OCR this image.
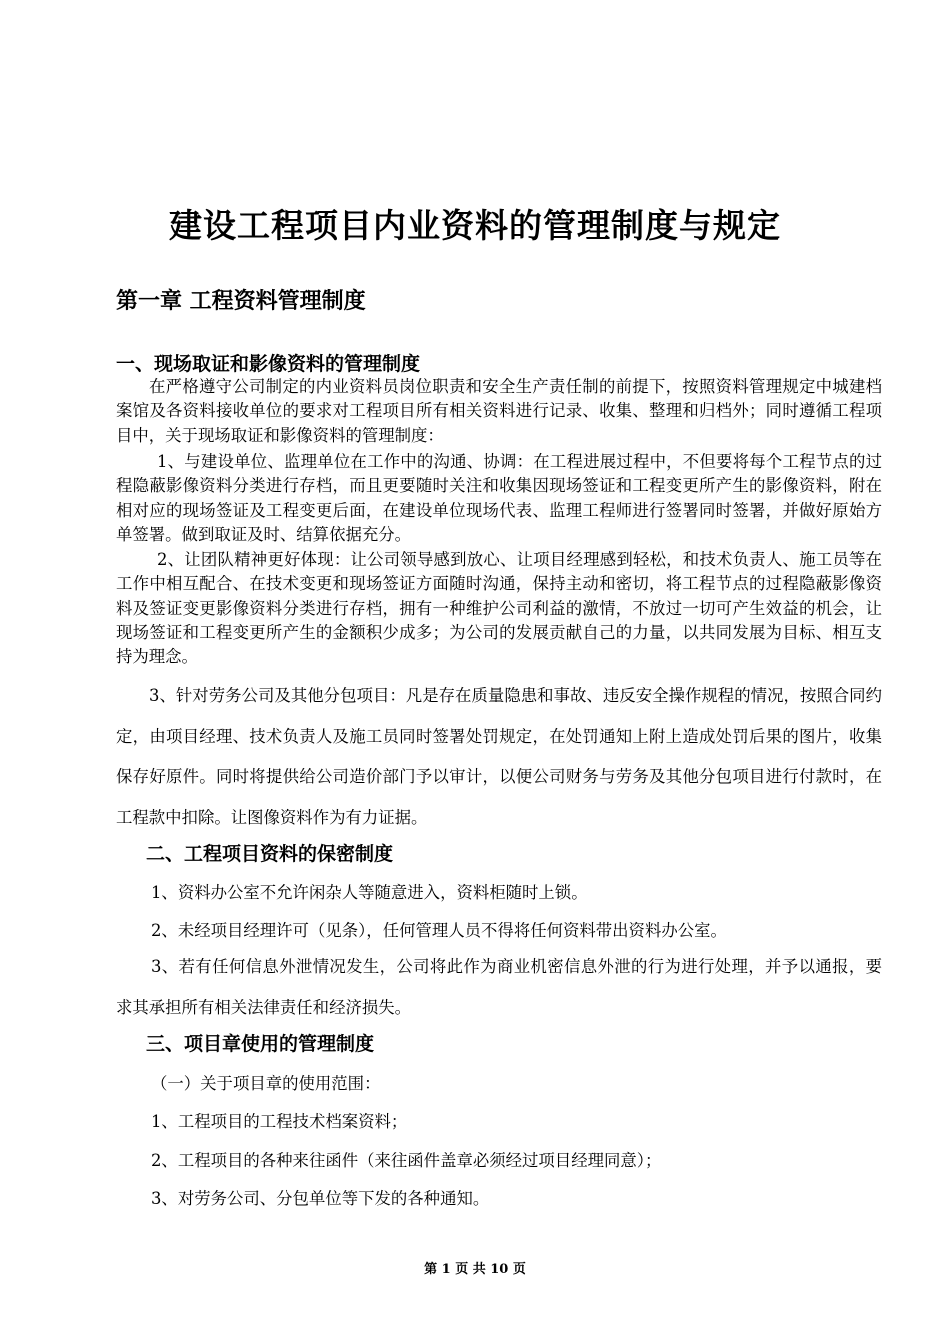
建设工程项目内业资料的管理制度与规定
第一章 工程资料管理制度
一、现场取证和影像资料的管理制度

在严格遵守公司制定的内业资料员岗位职责和安全生产责任制的前提下，按照资料管理规定中城建档案馆及各资料接收单位的要求对工程项目所有相关资料进行记录、收集、整理和归档外；同时遵循工程项目中，关于现场取证和影像资料的管理制度：

1、与建设单位、监理单位在工作中的沟通、协调：在工程进展过程中，不但要将每个工程节点的过程隐蔽影像资料分类进行存档，而且更要随时关注和收集因现场签证和工程变更所产生的影像资料，附在相对应的现场签证及工程变更后面，在建设单位现场代表、监理工程师进行签署同时签署，并做好原始方单签署。做到取证及时、结算依据充分。

2、让团队精神更好体现：让公司领导感到放心、让项目经理感到轻松，和技术负责人、施工员等在工作中相互配合、在技术变更和现场签证方面随时沟通，保持主动和密切，将工程节点的过程隐蔽影像资料及签证变更影像资料分类进行存档，拥有一种维护公司利益的激情，不放过一切可产生效益的机会，让现场签证和工程变更所产生的金额积少成多；为公司的发展贡献自己的力量，以共同发展为目标、相互支持为理念。

3、针对劳务公司及其他分包项目：凡是存在质量隐患和事故、违反安全操作规程的情况，按照合同约定，由项目经理、技术负责人及施工员同时签署处罚规定，在处罚通知上附上造成处罚后果的图片，收集保存好原件。同时将提供给公司造价部门予以审计，以便公司财务与劳务及其他分包项目进行付款时，在工程款中扣除。让图像资料作为有力证据。

二、工程项目资料的保密制度

1、资料办公室不允许闲杂人等随意进入，资料柜随时上锁。

2、未经项目经理许可（见条），任何管理人员不得将任何资料带出资料办公室。

3、若有任何信息外泄情况发生，公司将此作为商业机密信息外泄的行为进行处理，并予以通报，要求其承担所有相关法律责任和经济损失。

三、项目章使用的管理制度

（一）关于项目章的使用范围：

1、工程项目的工程技术档案资料；

2、工程项目的各种来往函件（来往函件盖章必须经过项目经理同意）；

3、对劳务公司、分包单位等下发的各种通知。

第 1 页 共 10 页
